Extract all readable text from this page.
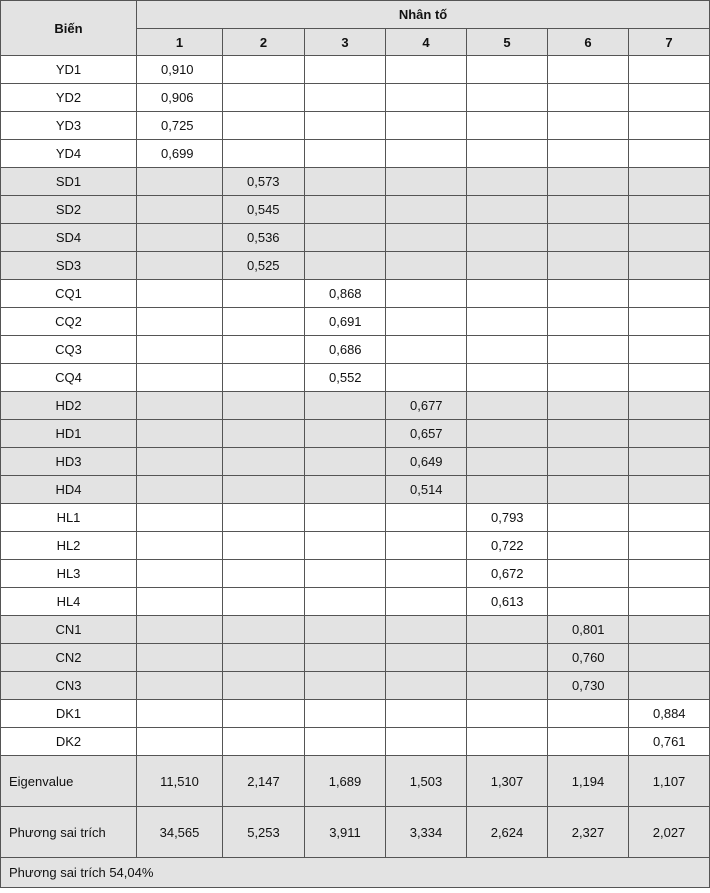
Biến	Nhân tố						
	1	2	3	4	5	6	7
YD1	0,910						
YD2	0,906						
YD3	0,725						
YD4	0,699						
SD1		0,573					
SD2		0,545					
SD4		0,536					
SD3		0,525					
CQ1			0,868				
CQ2			0,691				
CQ3			0,686				
CQ4			0,552				
HD2				0,677			
HD1				0,657			
HD3				0,649			
HD4				0,514			
HL1					0,793		
HL2					0,722		
HL3					0,672		
HL4					0,613		
CN1						0,801	
CN2						0,760	
CN3						0,730	
DK1							0,884
DK2							0,761
Eigenvalue	11,510	2,147	1,689	1,503	1,307	1,194	1,107
Phương sai trích	34,565	5,253	3,911	3,334	2,624	2,327	2,027
Phương sai trích 54,04%							
